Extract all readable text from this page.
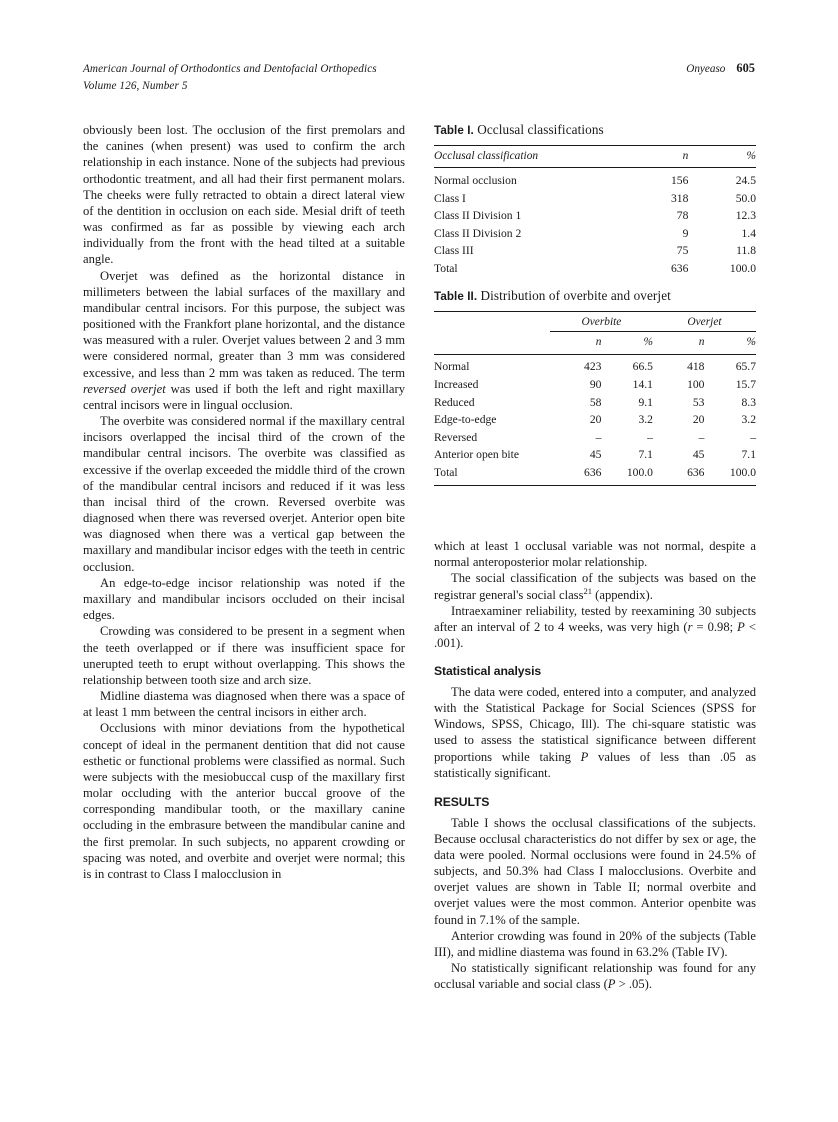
American Journal of Orthodontics and Dentofacial Orthopedics	Onyeaso 605
Volume 126, Number 5

obviously been lost. The occlusion of the first premolars and the canines (when present) was used to confirm the arch relationship in each instance. None of the subjects had previous orthodontic treatment, and all had their first permanent molars. The cheeks were fully retracted to obtain a direct lateral view of the dentition in occlusion on each side. Mesial drift of teeth was confirmed as far as possible by viewing each arch individually from the front with the head tilted at a suitable angle.

Overjet was defined as the horizontal distance in millimeters between the labial surfaces of the maxillary and mandibular central incisors. For this purpose, the subject was positioned with the Frankfort plane horizontal, and the distance was measured with a ruler. Overjet values between 2 and 3 mm were considered normal, greater than 3 mm was considered excessive, and less than 2 mm was taken as reduced. The term reversed overjet was used if both the left and right maxillary central incisors were in lingual occlusion.

The overbite was considered normal if the maxillary central incisors overlapped the incisal third of the crown of the mandibular central incisors. The overbite was classified as excessive if the overlap exceeded the middle third of the crown of the mandibular central incisors and reduced if it was less than incisal third of the crown. Reversed overbite was diagnosed when there was reversed overjet. Anterior open bite was diagnosed when there was a vertical gap between the maxillary and mandibular incisor edges with the teeth in centric occlusion.

An edge-to-edge incisor relationship was noted if the maxillary and mandibular incisors occluded on their incisal edges.

Crowding was considered to be present in a segment when the teeth overlapped or if there was insufficient space for unerupted teeth to erupt without overlapping. This shows the relationship between tooth size and arch size.

Midline diastema was diagnosed when there was a space of at least 1 mm between the central incisors in either arch.

Occlusions with minor deviations from the hypothetical concept of ideal in the permanent dentition that did not cause esthetic or functional problems were classified as normal. Such were subjects with the mesiobuccal cusp of the maxillary first molar occluding with the anterior buccal groove of the corresponding mandibular tooth, or the maxillary canine occluding in the embrasure between the mandibular canine and the first premolar. In such subjects, no apparent crowding or spacing was noted, and overbite and overjet were normal; this is in contrast to Class I malocclusion in

Table I. Occlusal classifications
Occlusal classification	n	%
Normal occlusion	156	24.5
Class I	318	50.0
Class II Division 1	78	12.3
Class II Division 2	9	1.4
Class III	75	11.8
Total	636	100.0
Table II. Distribution of overbite and overjet
	Overbite		Overjet	
	n	%	n	%
Normal	423	66.5	418	65.7
Increased	90	14.1	100	15.7
Reduced	58	9.1	53	8.3
Edge-to-edge	20	3.2	20	3.2
Reversed	–	–	–	–
Anterior open bite	45	7.1	45	7.1
Total	636	100.0	636	100.0

which at least 1 occlusal variable was not normal, despite a normal anteroposterior molar relationship.

The social classification of the subjects was based on the registrar general's social class$^{21}$ (appendix).

Intraexaminer reliability, tested by reexamining 30 subjects after an interval of 2 to 4 weeks, was very high (r = 0.98; P < .001).

Statistical analysis

The data were coded, entered into a computer, and analyzed with the Statistical Package for Social Sciences (SPSS for Windows, SPSS, Chicago, Ill). The chi-square statistic was used to assess the statistical significance between different proportions while taking P values of less than .05 as statistically significant.

RESULTS

Table I shows the occlusal classifications of the subjects. Because occlusal characteristics do not differ by sex or age, the data were pooled. Normal occlusions were found in 24.5% of subjects, and 50.3% had Class I malocclusions. Overbite and overjet values are shown in Table II; normal overbite and overjet values were the most common. Anterior openbite was found in 7.1% of the sample.

Anterior crowding was found in 20% of the subjects (Table III), and midline diastema was found in 63.2% (Table IV).

No statistically significant relationship was found for any occlusal variable and social class (P > .05).
